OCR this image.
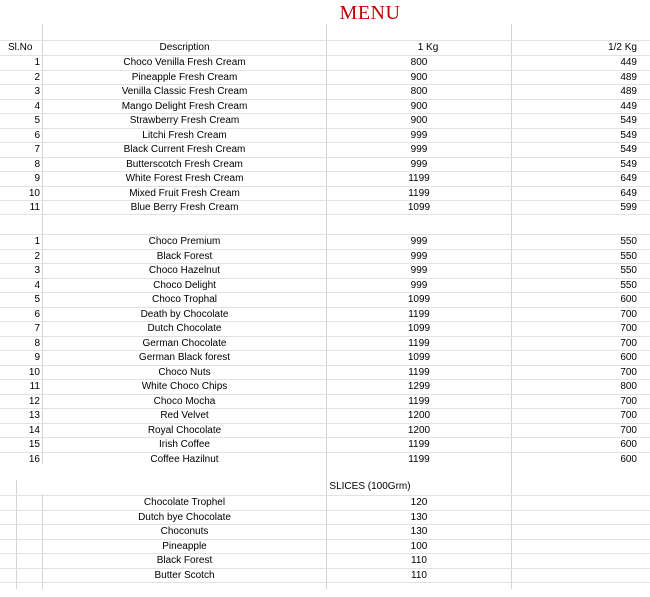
MENU
Sl.No	Description	1 Kg	1/2 Kg
1	Choco Venilla Fresh Cream	800	449
2	Pineapple Fresh Cream	900	489
3	Venilla Classic Fresh Cream	800	489
4	Mango Delight Fresh Cream	900	449
5	Strawberry Fresh Cream	900	549
6	Litchi Fresh Cream	999	549
7	Black Current Fresh Cream	999	549
8	Butterscotch Fresh Cream	999	549
9	White Forest Fresh Cream	1199	649
10	Mixed Fruit Fresh Cream	1199	649
11	Blue Berry Fresh Cream	1099	599
1	Choco Premium	999	550
2	Black Forest	999	550
3	Choco Hazelnut	999	550
4	Choco Delight	999	550
5	Choco Trophal	1099	600
6	Death by Chocolate	1199	700
7	Dutch Chocolate	1099	700
8	German Chocolate	1199	700
9	German Black forest	1099	600
10	Choco Nuts	1199	700
11	White Choco Chips	1299	800
12	Choco Mocha	1199	700
13	Red Velvet	1200	700
14	Royal Chocolate	1200	700
15	Irish Coffee	1199	600
16	Coffee Hazilnut	1199	600
SLICES (100Grm)
Chocolate Trophel	120
Dutch bye Chocolate	130
Choconuts	130
Pineapple	100
Black Forest	110
Butter Scotch	110
